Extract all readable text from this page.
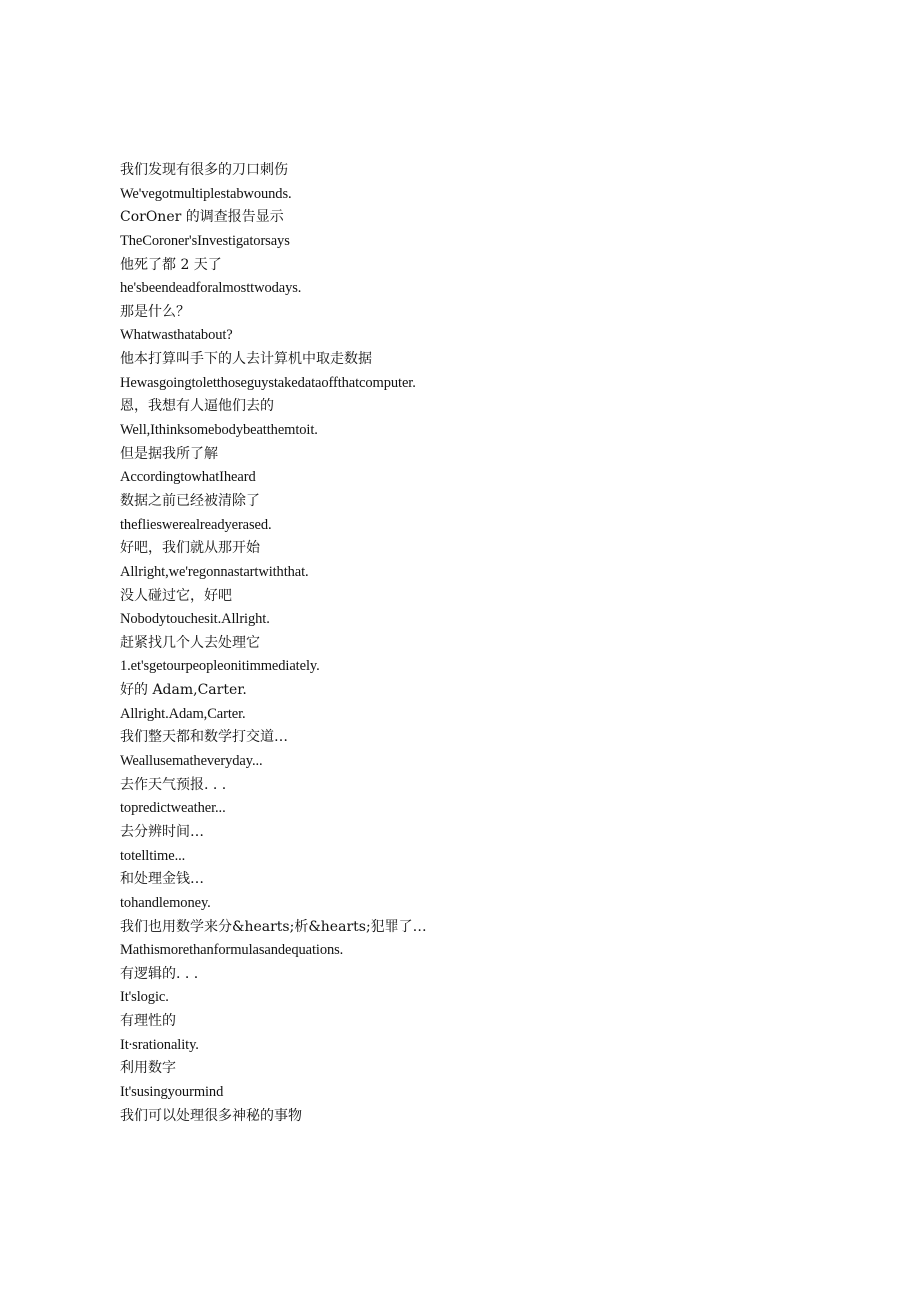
我们发现有很多的刀口刺伤
We'vegotmultiplestabwounds.
CorOner 的调查报告显示
TheCoroner'sInvestigatorsays
他死了都 2 天了
he'sbeendeadforalmosttwodays.
那是什么？
Whatwasthatabout?
他本打算叫手下的人去计算机中取走数据
Hewasgoingtoletthoseguystakedataoffthatcomputer.
恩，我想有人逼他们去的
Well,Ithinksomebodybeatthemtoit.
但是据我所了解
AccordingtowhatIheard
数据之前已经被清除了
theflieswerealreadyerased.
好吧，我们就从那开始
Allright,we'regonnastartwiththat.
没人碰过它，好吧
Nobodytouchesit.Allright.
赶紧找几个人去处理它
1.et'sgetourpeopleonitimmediately.
好的 Adam,Carter.
Allright.Adam,Carter.
我们整天都和数学打交道…
Weallusematheveryday...
去作天气预报. . .
topredictweather...
去分辨时间…
totelltime...
和处理金钱…
tohandlemoney.
我们也用数学来分&hearts;析&hearts;犯罪了…
Mathismorethanformulasandequations.
有逻辑的. . .
It'slogic.
有理性的
It∙srationality.
利用数字
It'susingyourmind
我们可以处理很多神秘的事物
